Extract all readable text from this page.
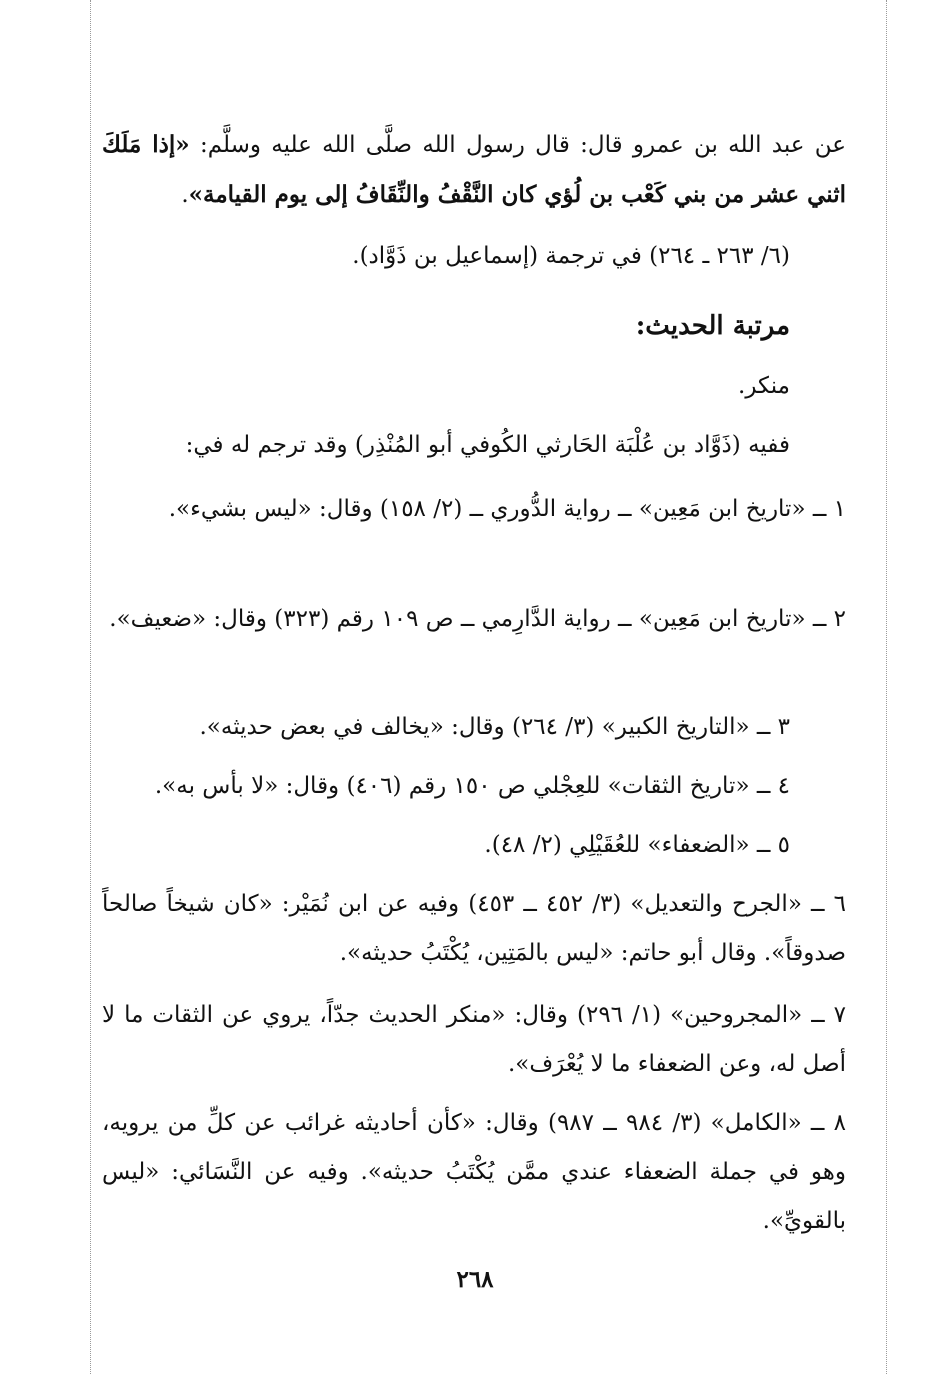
عن عبد الله بن عمرو قال: قال رسول الله صلَّى الله عليه وسلَّم: «إذا مَلَكَ اثني عشر من بني كَعْب بن لُؤي كان النَّقْفُ والنِّقَافُ إلى يوم القيامة».
(٦/ ٢٦٣ ـ ٢٦٤) في ترجمة (إسماعيل بن ذَوَّاد).
مرتبة الحديث:
منكر.
ففيه (ذَوَّاد بن عُلْبَة الحَارثي الكُوفي أبو المُنْذِر) وقد ترجم له في:
١ ــ «تاريخ ابن مَعِين» ــ رواية الدُّوري ــ (٢/ ١٥٨) وقال: «ليس بشيء».
٢ ــ «تاريخ ابن مَعِين» ــ رواية الدَّارِمي ــ ص ١٠٩ رقم (٣٢٣) وقال: «ضعيف».
٣ ــ «التاريخ الكبير» (٣/ ٢٦٤) وقال: «يخالف في بعض حديثه».
٤ ــ «تاريخ الثقات» للعِجْلي ص ١٥٠ رقم (٤٠٦) وقال: «لا بأس به».
٥ ــ «الضعفاء» للعُقَيْلِي (٢/ ٤٨).
٦ ــ «الجرح والتعديل» (٣/ ٤٥٢ ــ ٤٥٣) وفيه عن ابن نُمَيْر: «كان شيخاً صالحاً صدوقاً». وقال أبو حاتم: «ليس بالمَتِين، يُكْتَبُ حديثه».
٧ ــ «المجروحين» (١/ ٢٩٦) وقال: «منكر الحديث جدّاً، يروي عن الثقات ما لا أصل له، وعن الضعفاء ما لا يُعْرَف».
٨ ــ «الكامل» (٣/ ٩٨٤ ــ ٩٨٧) وقال: «كأن أحاديثه غرائب عن كلِّ من يرويه، وهو في جملة الضعفاء عندي ممَّن يُكْتَبُ حديثه». وفيه عن النَّسَائي: «ليس بالقويِّ».
٢٦٨
